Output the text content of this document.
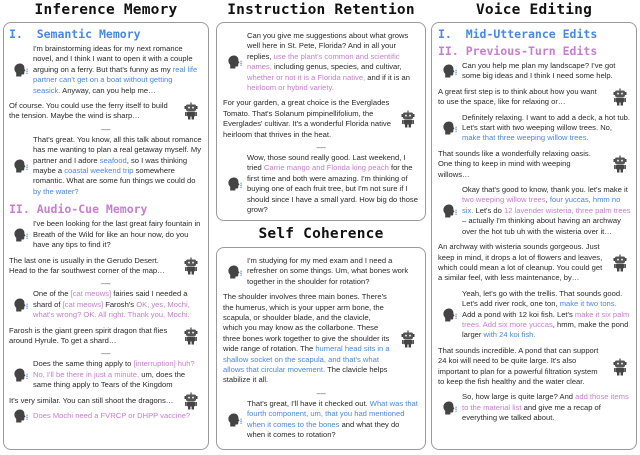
Inference Memory
I.  Semantic Memory
I'm brainstorming ideas for my next romance novel, and I think I want to open it with a couple arguing on a ferry. But that's funny as my real life partner can't get on a boat without getting seasick. Anyway, can you help me…
Of course. You could use the ferry itself to build the tension. Maybe the wind is sharp…
-----
That's great. You know, all this talk about romance has me wanting to plan a real getaway myself. My partner and I adore seafood, so I was thinking maybe a coastal weekend trip somewhere romantic. What are some fun things we could do by the water?
II. Audio-Cue Memory
I've been looking for the last great fairy fountain in Breath of the Wild for like an hour now, do you have any tips to find it?
The last one is usually in the Gerudo Desert. Head to the far southwest corner of the map…
-----
One of the [cat meows] fairies said I needed a shard of [cat meows] Farosh's OK, yes, Mochi, what's wrong? OK. All right. Thank you, Mochi.
Farosh is the giant green spirit dragon that flies around Hyrule. To get a shard…
-----
Does the same thing apply to [interruption] huh? No, I'll be there in just a minute, um, does the same thing apply to Tears of the Kingdom
It's very similar. You can still shoot the dragons…
Does Mochi need a FVRCP or DHPP vaccine?
Instruction Retention
Can you give me suggestions about what grows well here in St. Pete, Florida? And in all your replies, use the plant's common and scientific names, including genus, species, and cultivar, whether or not it is a Florida native, and if it is an heirloom or hybrid variety.
For your garden, a great choice is the Everglades Tomato. That's Solanum pimpinellifolium, the Everglades' cultivar. It's a wonderful Florida native heirloom that thrives in the heat.
-----
Wow, those sound really good. Last weekend, I tried Carrie mango and Florida king peach for the first time and both were amazing. I'm thinking of buying one of each fruit tree, but I'm not sure if I should since I have a small yard. How big do those grow?
Self Coherence
I'm studying for my med exam and I need a refresher on some things. Um, what bones work together in the shoulder for rotation?
The shoulder involves three main bones. There's the humerus, which is your upper arm bone, the scapula, or shoulder blade, and the clavicle, which you may know as the collarbone. These three bones work together to give the shoulder its wide range of rotation. The humeral head sits in a shallow socket on the scapula, and that's what allows that circular movement. The clavicle helps stabilize it all.
-----
That's great, I'll have it checked out. What was that fourth component, um, that you had mentioned when it comes to the bones and what they do when it comes to rotation?
Voice Editing
I.  Mid-Utterance Edits
II. Previous-Turn Edits
Can you help me plan my landscape? I've got some big ideas and I think I need some help.
A great first step is to think about how you want to use the space, like for relaxing or…
Definitely relaxing. I want to add a deck, a hot tub. Let's start with two weeping willow trees. No, make that three weeping willow trees.
That sounds like a wonderfully relaxing oasis. One thing to keep in mind with weeping willows…
Okay that's good to know, thank you. let's make it two weeping willow trees, four yuccas, hmm no six. Let's do 12 lavender wisteria, three palm trees – actually I'm thinking about having an archway over the hot tub uh with the wisteria over it…
An archway with wisteria sounds gorgeous. Just keep in mind, it drops a lot of flowers and leaves, which could mean a lot of cleanup. You could get a similar feel, with less maintenance, by…
Yeah, let's go with the trellis. That sounds good. Let's add river rock, one ton, make it two tons. Add a pond with 12 koi fish. Let's make it six palm trees. Add six more yuccas, hmm, make the pond larger with 24 koi fish.
That sounds incredible. A pond that can support 24 koi will need to be quite large. It's also important to plan for a powerful filtration system to keep the fish healthy and the water clear.
So, how large is quite large? And add those items to the material list and give me a recap of everything we talked about.
